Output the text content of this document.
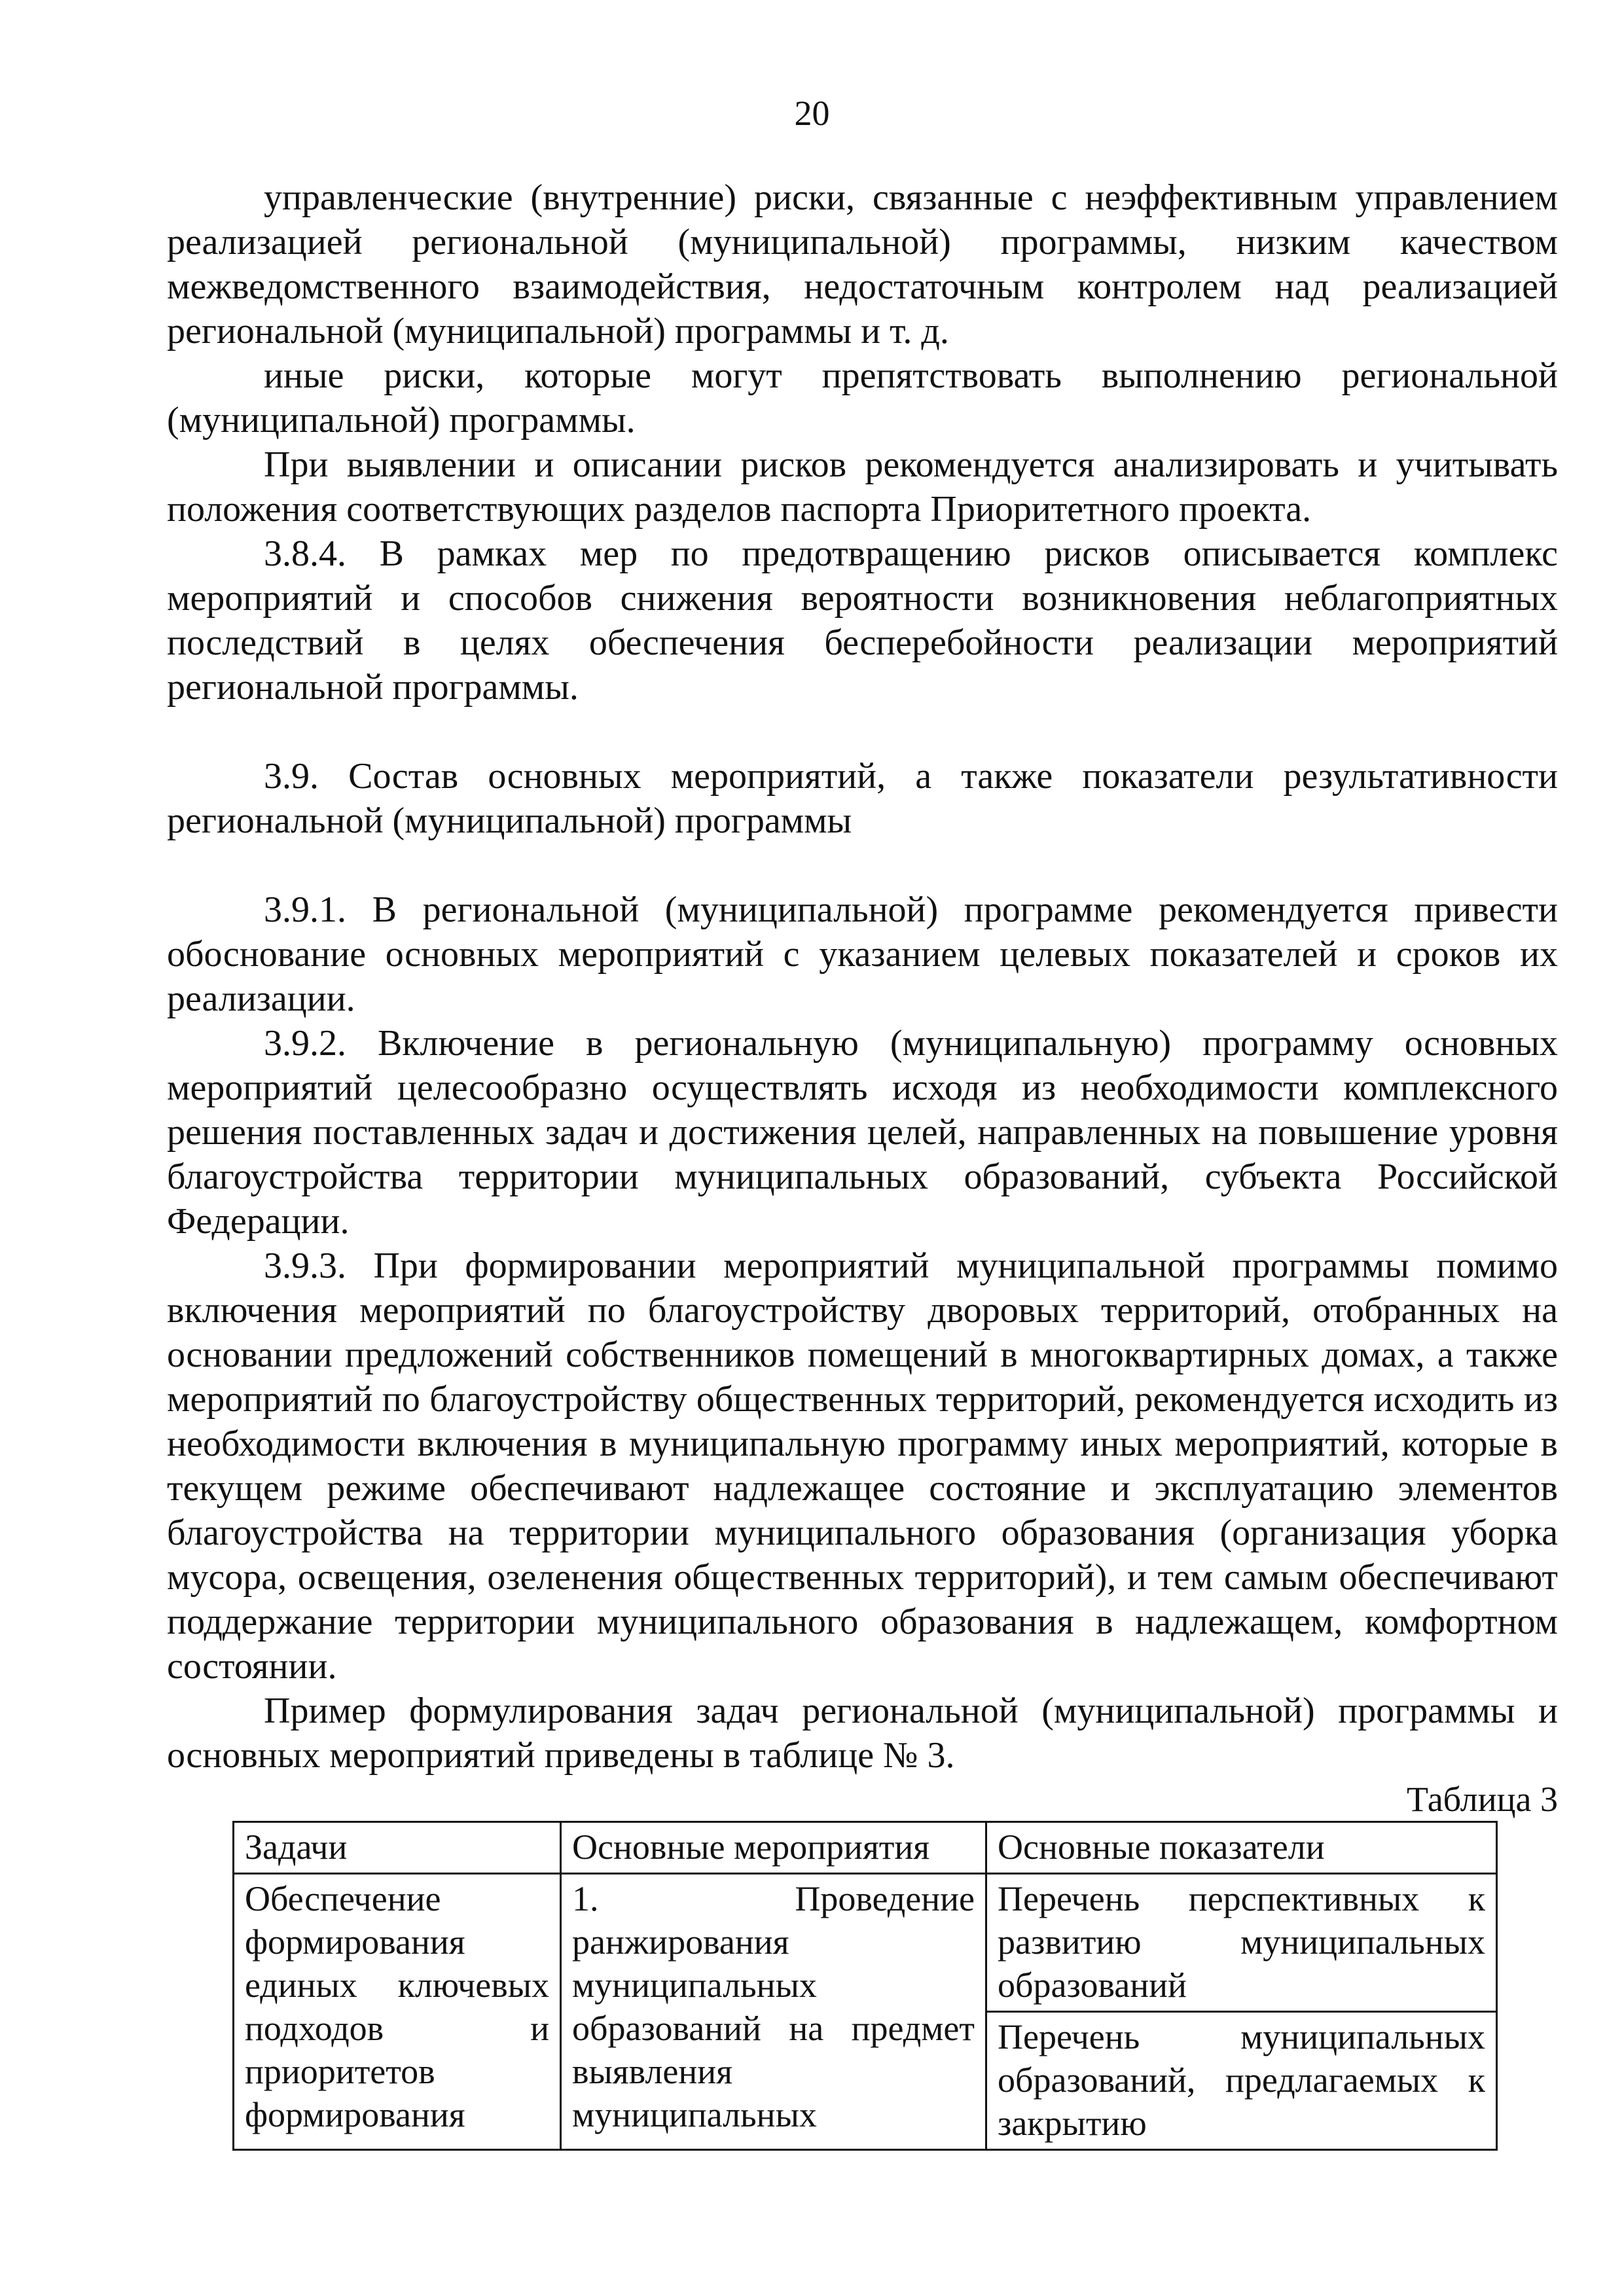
20

управленческие (внутренние) риски, связанные с неэффективным управлением реализацией региональной (муниципальной) программы, низким качеством межведомственного взаимодействия, недостаточным контролем над реализацией региональной (муниципальной) программы и т. д.

иные риски, которые могут препятствовать выполнению региональной (муниципальной) программы.

При выявлении и описании рисков рекомендуется анализировать и учитывать положения соответствующих разделов паспорта Приоритетного проекта.

3.8.4. В рамках мер по предотвращению рисков описывается комплекс мероприятий и способов снижения вероятности возникновения неблагоприятных последствий в целях обеспечения бесперебойности реализации мероприятий региональной программы.

3.9. Состав основных мероприятий, а также показатели результативности региональной (муниципальной) программы

3.9.1. В региональной (муниципальной) программе рекомендуется привести обоснование основных мероприятий с указанием целевых показателей и сроков их реализации.

3.9.2. Включение в региональную (муниципальную) программу основных мероприятий целесообразно осуществлять исходя из необходимости комплексного решения поставленных задач и достижения целей, направленных на повышение уровня благоустройства территории муниципальных образований, субъекта Российской Федерации.

3.9.3. При формировании мероприятий муниципальной программы помимо включения мероприятий по благоустройству дворовых территорий, отобранных на основании предложений собственников помещений в многоквартирных домах, а также мероприятий по благоустройству общественных территорий, рекомендуется исходить из необходимости включения в муниципальную программу иных мероприятий, которые в текущем режиме обеспечивают надлежащее состояние и эксплуатацию элементов благоустройства на территории муниципального образования (организация уборка мусора, освещения, озеленения общественных территорий), и тем самым обеспечивают поддержание территории муниципального образования в надлежащем, комфортном состоянии.

Пример формулирования задач региональной (муниципальной) программы и основных мероприятий приведены в таблице № 3.

Таблица 3

Задачи	Основные мероприятия	Основные показатели
Обеспечение формирования единых ключевых подходов и приоритетов формирования	1. Проведение ранжирования муниципальных образований на предмет выявления муниципальных	Перечень перспективных к развитию муниципальных образований
		Перечень муниципальных образований, предлагаемых к закрытию
